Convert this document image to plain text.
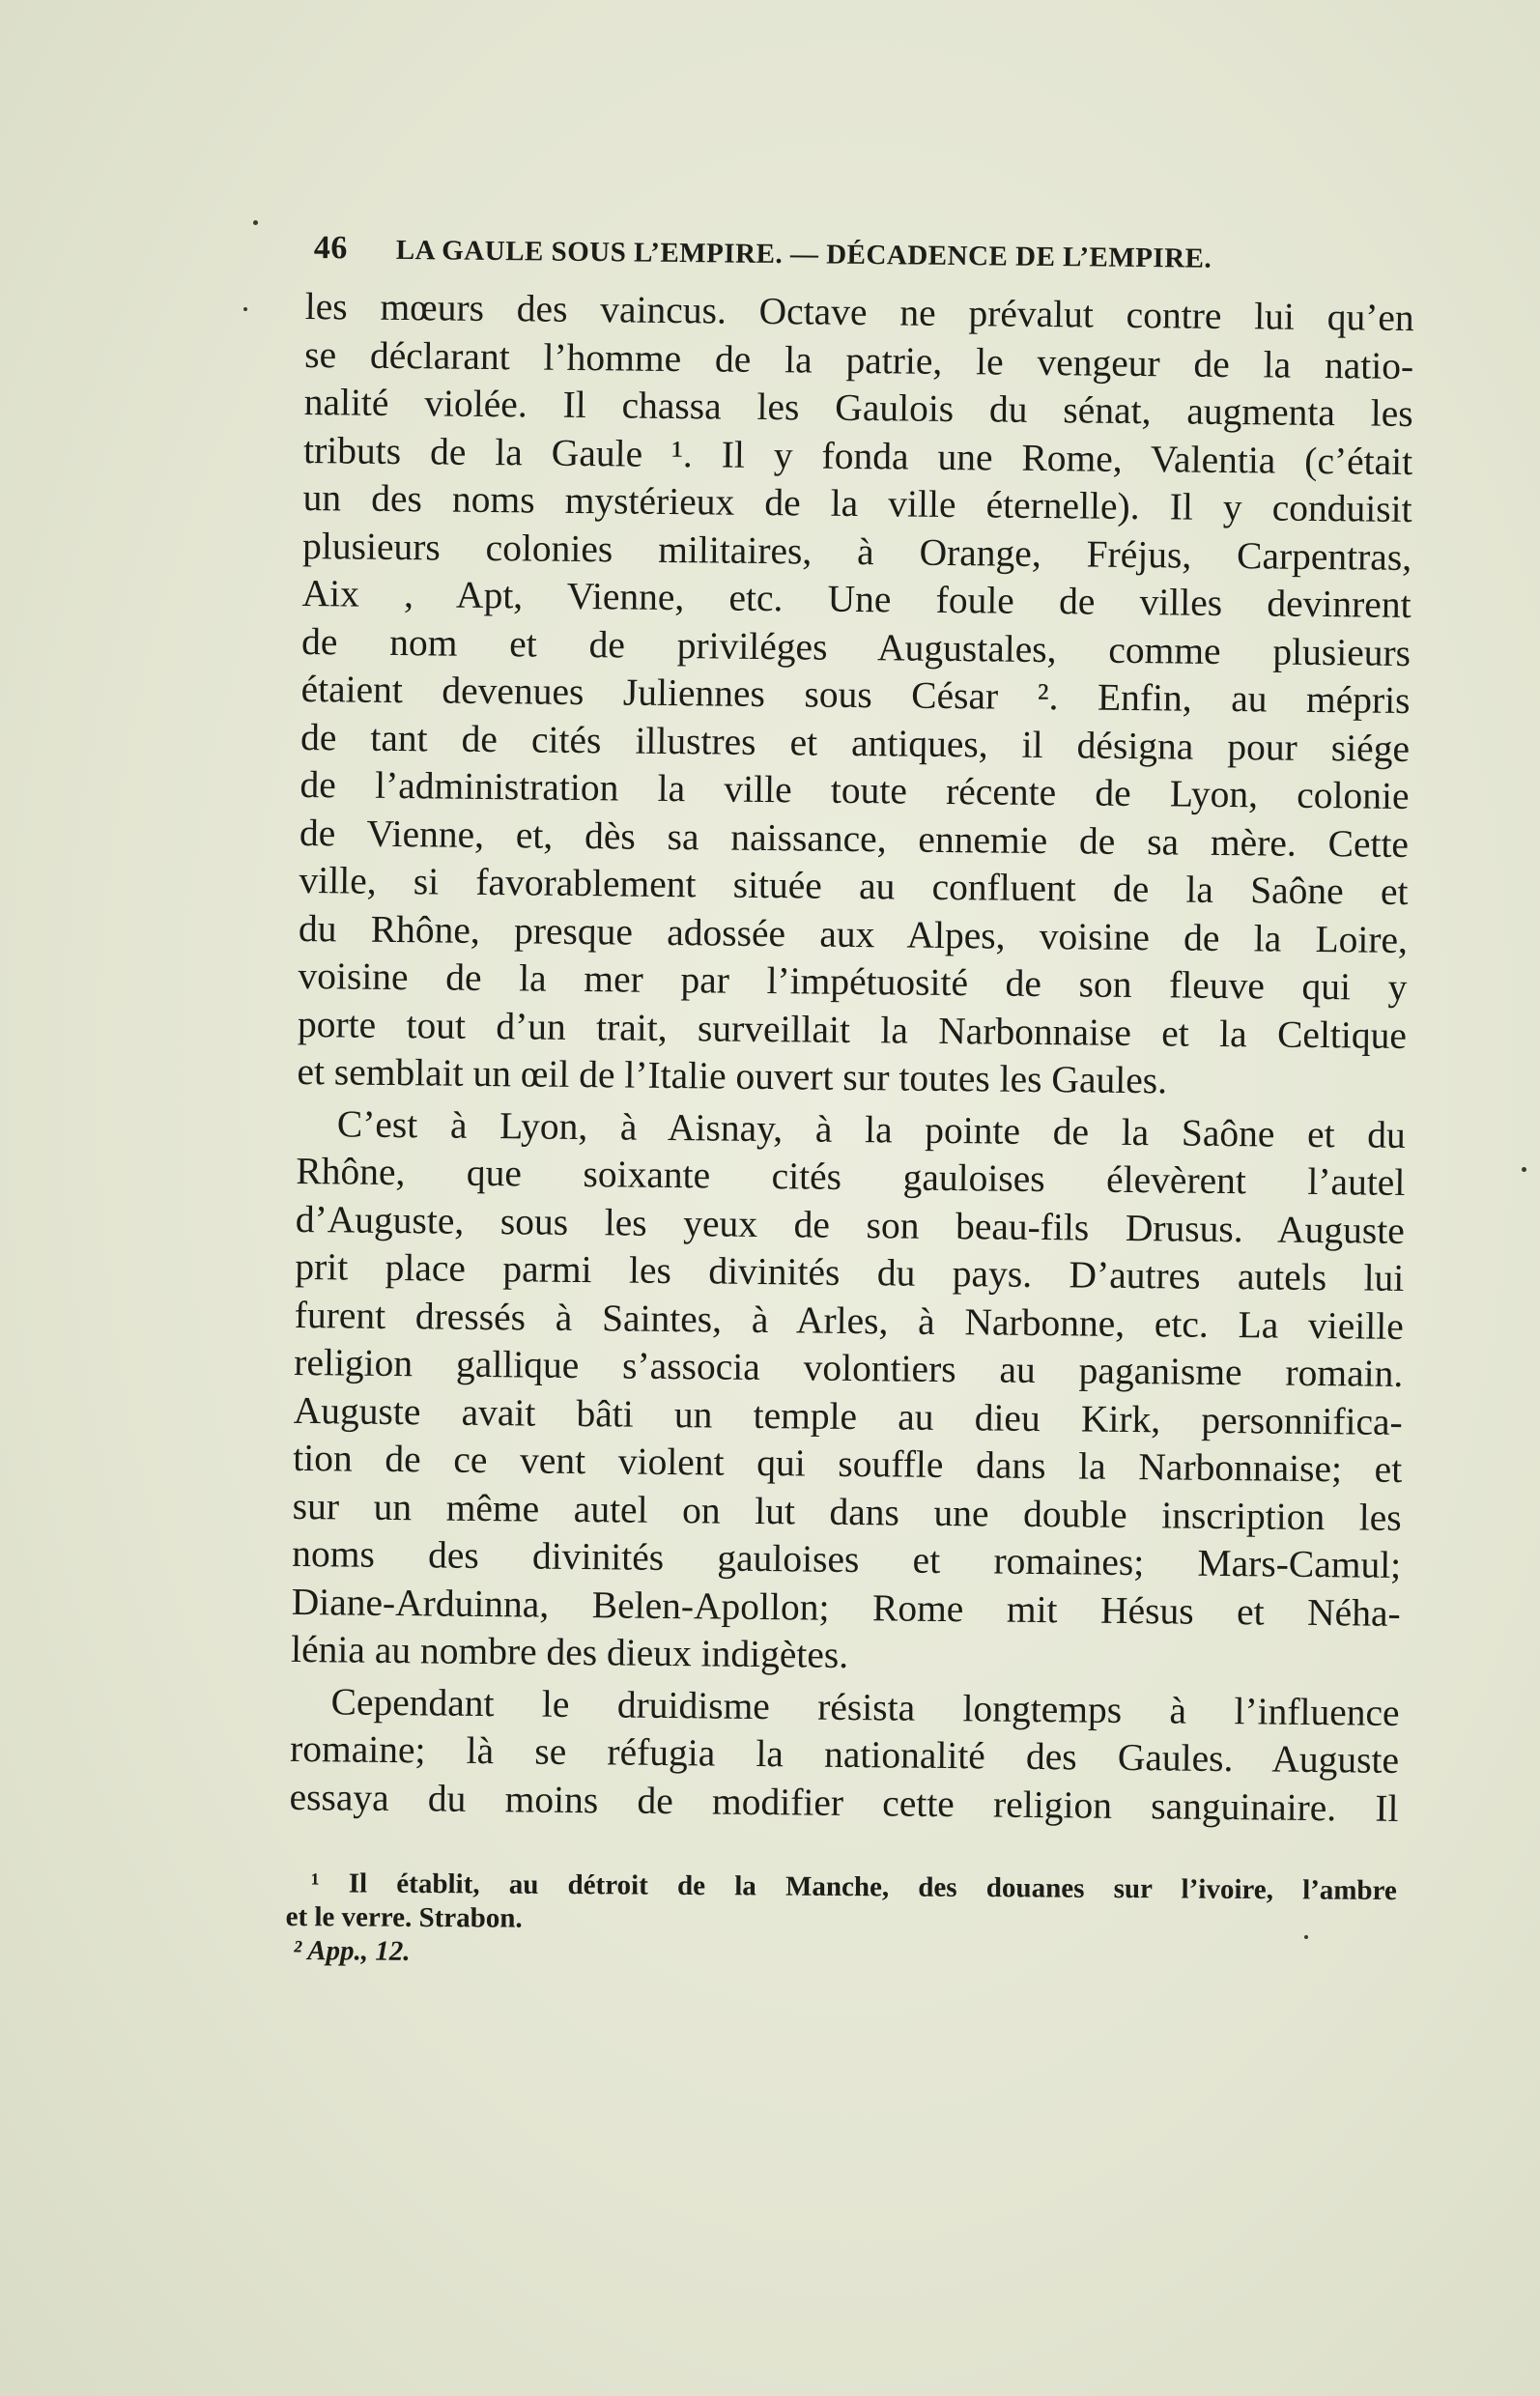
46 LA GAULE SOUS L’EMPIRE. — DÉCADENCE DE L’EMPIRE.
les mœurs des vaincus. Octave ne prévalut contre lui qu’en
se déclarant l’homme de la patrie, le vengeur de la natio-
nalité violée. Il chassa les Gaulois du sénat, augmenta les
tributs de la Gaule ¹. Il y fonda une Rome, Valentia (c’était
un des noms mystérieux de la ville éternelle). Il y conduisit
plusieurs colonies militaires, à Orange, Fréjus, Carpentras,
Aix , Apt, Vienne, etc. Une foule de villes devinrent
de nom et de priviléges Augustales, comme plusieurs
étaient devenues Juliennes sous César ². Enfin, au mépris
de tant de cités illustres et antiques, il désigna pour siége
de l’administration la ville toute récente de Lyon, colonie
de Vienne, et, dès sa naissance, ennemie de sa mère. Cette
ville, si favorablement située au confluent de la Saône et
du Rhône, presque adossée aux Alpes, voisine de la Loire,
voisine de la mer par l’impétuosité de son fleuve qui y
porte tout d’un trait, surveillait la Narbonnaise et la Celtique
et semblait un œil de l’Italie ouvert sur toutes les Gaules.
C’est à Lyon, à Aisnay, à la pointe de la Saône et du
Rhône, que soixante cités gauloises élevèrent l’autel
d’Auguste, sous les yeux de son beau-fils Drusus. Auguste
prit place parmi les divinités du pays. D’autres autels lui
furent dressés à Saintes, à Arles, à Narbonne, etc. La vieille
religion gallique s’associa volontiers au paganisme romain.
Auguste avait bâti un temple au dieu Kirk, personnifica-
tion de ce vent violent qui souffle dans la Narbonnaise; et
sur un même autel on lut dans une double inscription les
noms des divinités gauloises et romaines; Mars-Camul;
Diane-Arduinna, Belen-Apollon; Rome mit Hésus et Néha-
lénia au nombre des dieux indigètes.
Cependant le druidisme résista longtemps à l’influence
romaine; là se réfugia la nationalité des Gaules. Auguste
essaya du moins de modifier cette religion sanguinaire. Il
¹ Il établit, au détroit de la Manche, des douanes sur l’ivoire, l’ambre
et le verre. Strabon.
² App., 12.
